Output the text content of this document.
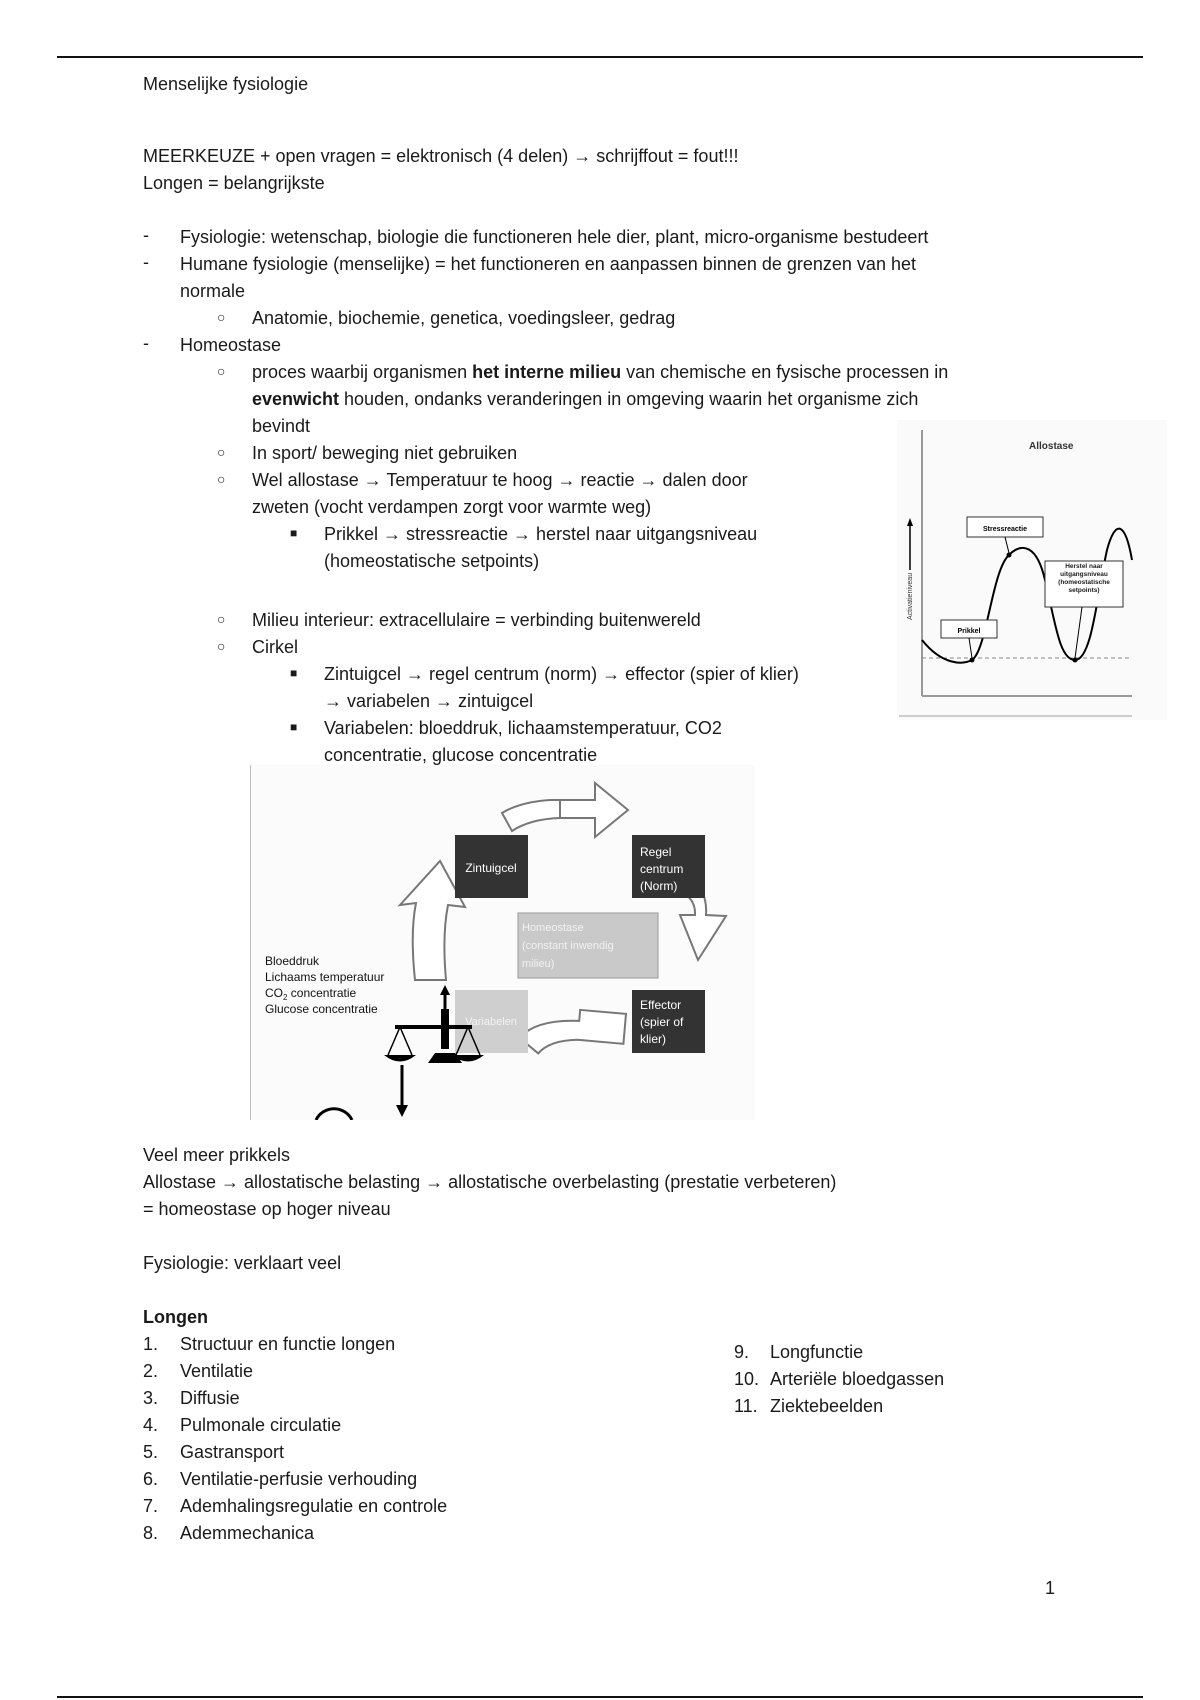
Menselijke fysiologie
MEERKEUZE + open vragen = elektronisch (4 delen) → schrijffout = fout!!!
Longen = belangrijkste
- Fysiologie: wetenschap, biologie die functioneren hele dier, plant, micro-organisme bestudeert
- Humane fysiologie (menselijke) = het functioneren en aanpassen binnen de grenzen van het
normale
○ Anatomie, biochemie, genetica, voedingsleer, gedrag
- Homeostase
○ proces waarbij organismen het interne milieu van chemische en fysische processen in
evenwicht houden, ondanks veranderingen in omgeving waarin het organisme zich
bevindt
○ In sport/ beweging niet gebruiken
○ Wel allostase → Temperatuur te hoog → reactie → dalen door
zweten (vocht verdampen zorgt voor warmte weg)
■ Prikkel → stressreactie → herstel naar uitgangsniveau
(homeostatische setpoints)
○ Milieu interieur: extracellulaire = verbinding buitenwereld
○ Cirkel
■ Zintuigcel → regel centrum (norm) → effector (spier of klier)
→ variabelen → zintuigcel
■ Variabelen: bloeddruk, lichaamstemperatuur, CO2
concentratie, glucose concentratie
Allostase
Activatieniveau
Stressreactie
Herstel naar uitgangsniveau (homeostatische setpoints)
Prikkel
Zintuigcel
Regel
centrum
(Norm)
Homeostase
(constant inwendig
milieu)
Effector
(spier of
klier)
Variabelen
Bloeddruk
Lichaams temperatuur
$CO_2$ concentratie
Glucose concentratie
Veel meer prikkels
Allostase → allostatische belasting → allostatische overbelasting (prestatie verbeteren)
= homeostase op hoger niveau
Fysiologie: verklaart veel
Longen
1. Structuur en functie longen
2. Ventilatie
3. Diffusie
4. Pulmonale circulatie
5. Gastransport
6. Ventilatie-perfusie verhouding
7. Ademhalingsregulatie en controle
8. Ademmechanica
9. Longfunctie
10. Arteriële bloedgassen
11. Ziektebeelden
1
